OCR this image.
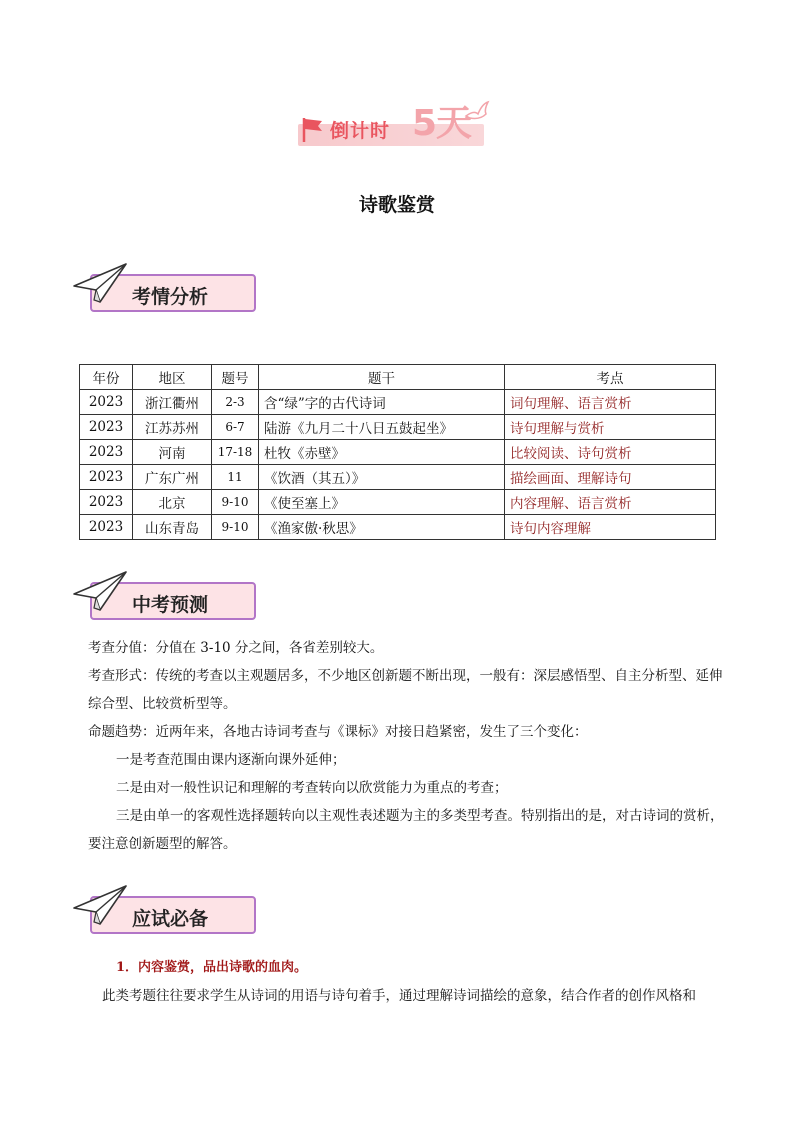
倒计时 5天
诗歌鉴赏
考情分析
年份	地区	题号	题干	考点
2023	浙江衢州	2-3	含“绿”字的古代诗词	词句理解、语言赏析
2023	江苏苏州	6-7	陆游《九月二十八日五鼓起坐》	诗句理解与赏析
2023	河南	17-18	杜牧《赤壁》	比较阅读、诗句赏析
2023	广东广州	11	《饮酒（其五）》	描绘画面、理解诗句
2023	北京	9-10	《使至塞上》	内容理解、语言赏析
2023	山东青岛	9-10	《渔家傲·秋思》	诗句内容理解
中考预测
考查分值：分值在 3-10 分之间，各省差别较大。
考查形式：传统的考查以主观题居多，不少地区创新题不断出现，一般有：深层感悟型、自主分析型、延伸综合型、比较赏析型等。
命题趋势：近两年来，各地古诗词考查与《课标》对接日趋紧密，发生了三个变化：
一是考查范围由课内逐渐向课外延伸；
二是由对一般性识记和理解的考查转向以欣赏能力为重点的考查；
三是由单一的客观性选择题转向以主观性表述题为主的多类型考查。特别指出的是，对古诗词的赏析，要注意创新题型的解答。
应试必备
1．内容鉴赏，品出诗歌的血肉。
此类考题往往要求学生从诗词的用语与诗句着手，通过理解诗词描绘的意象，结合作者的创作风格和
